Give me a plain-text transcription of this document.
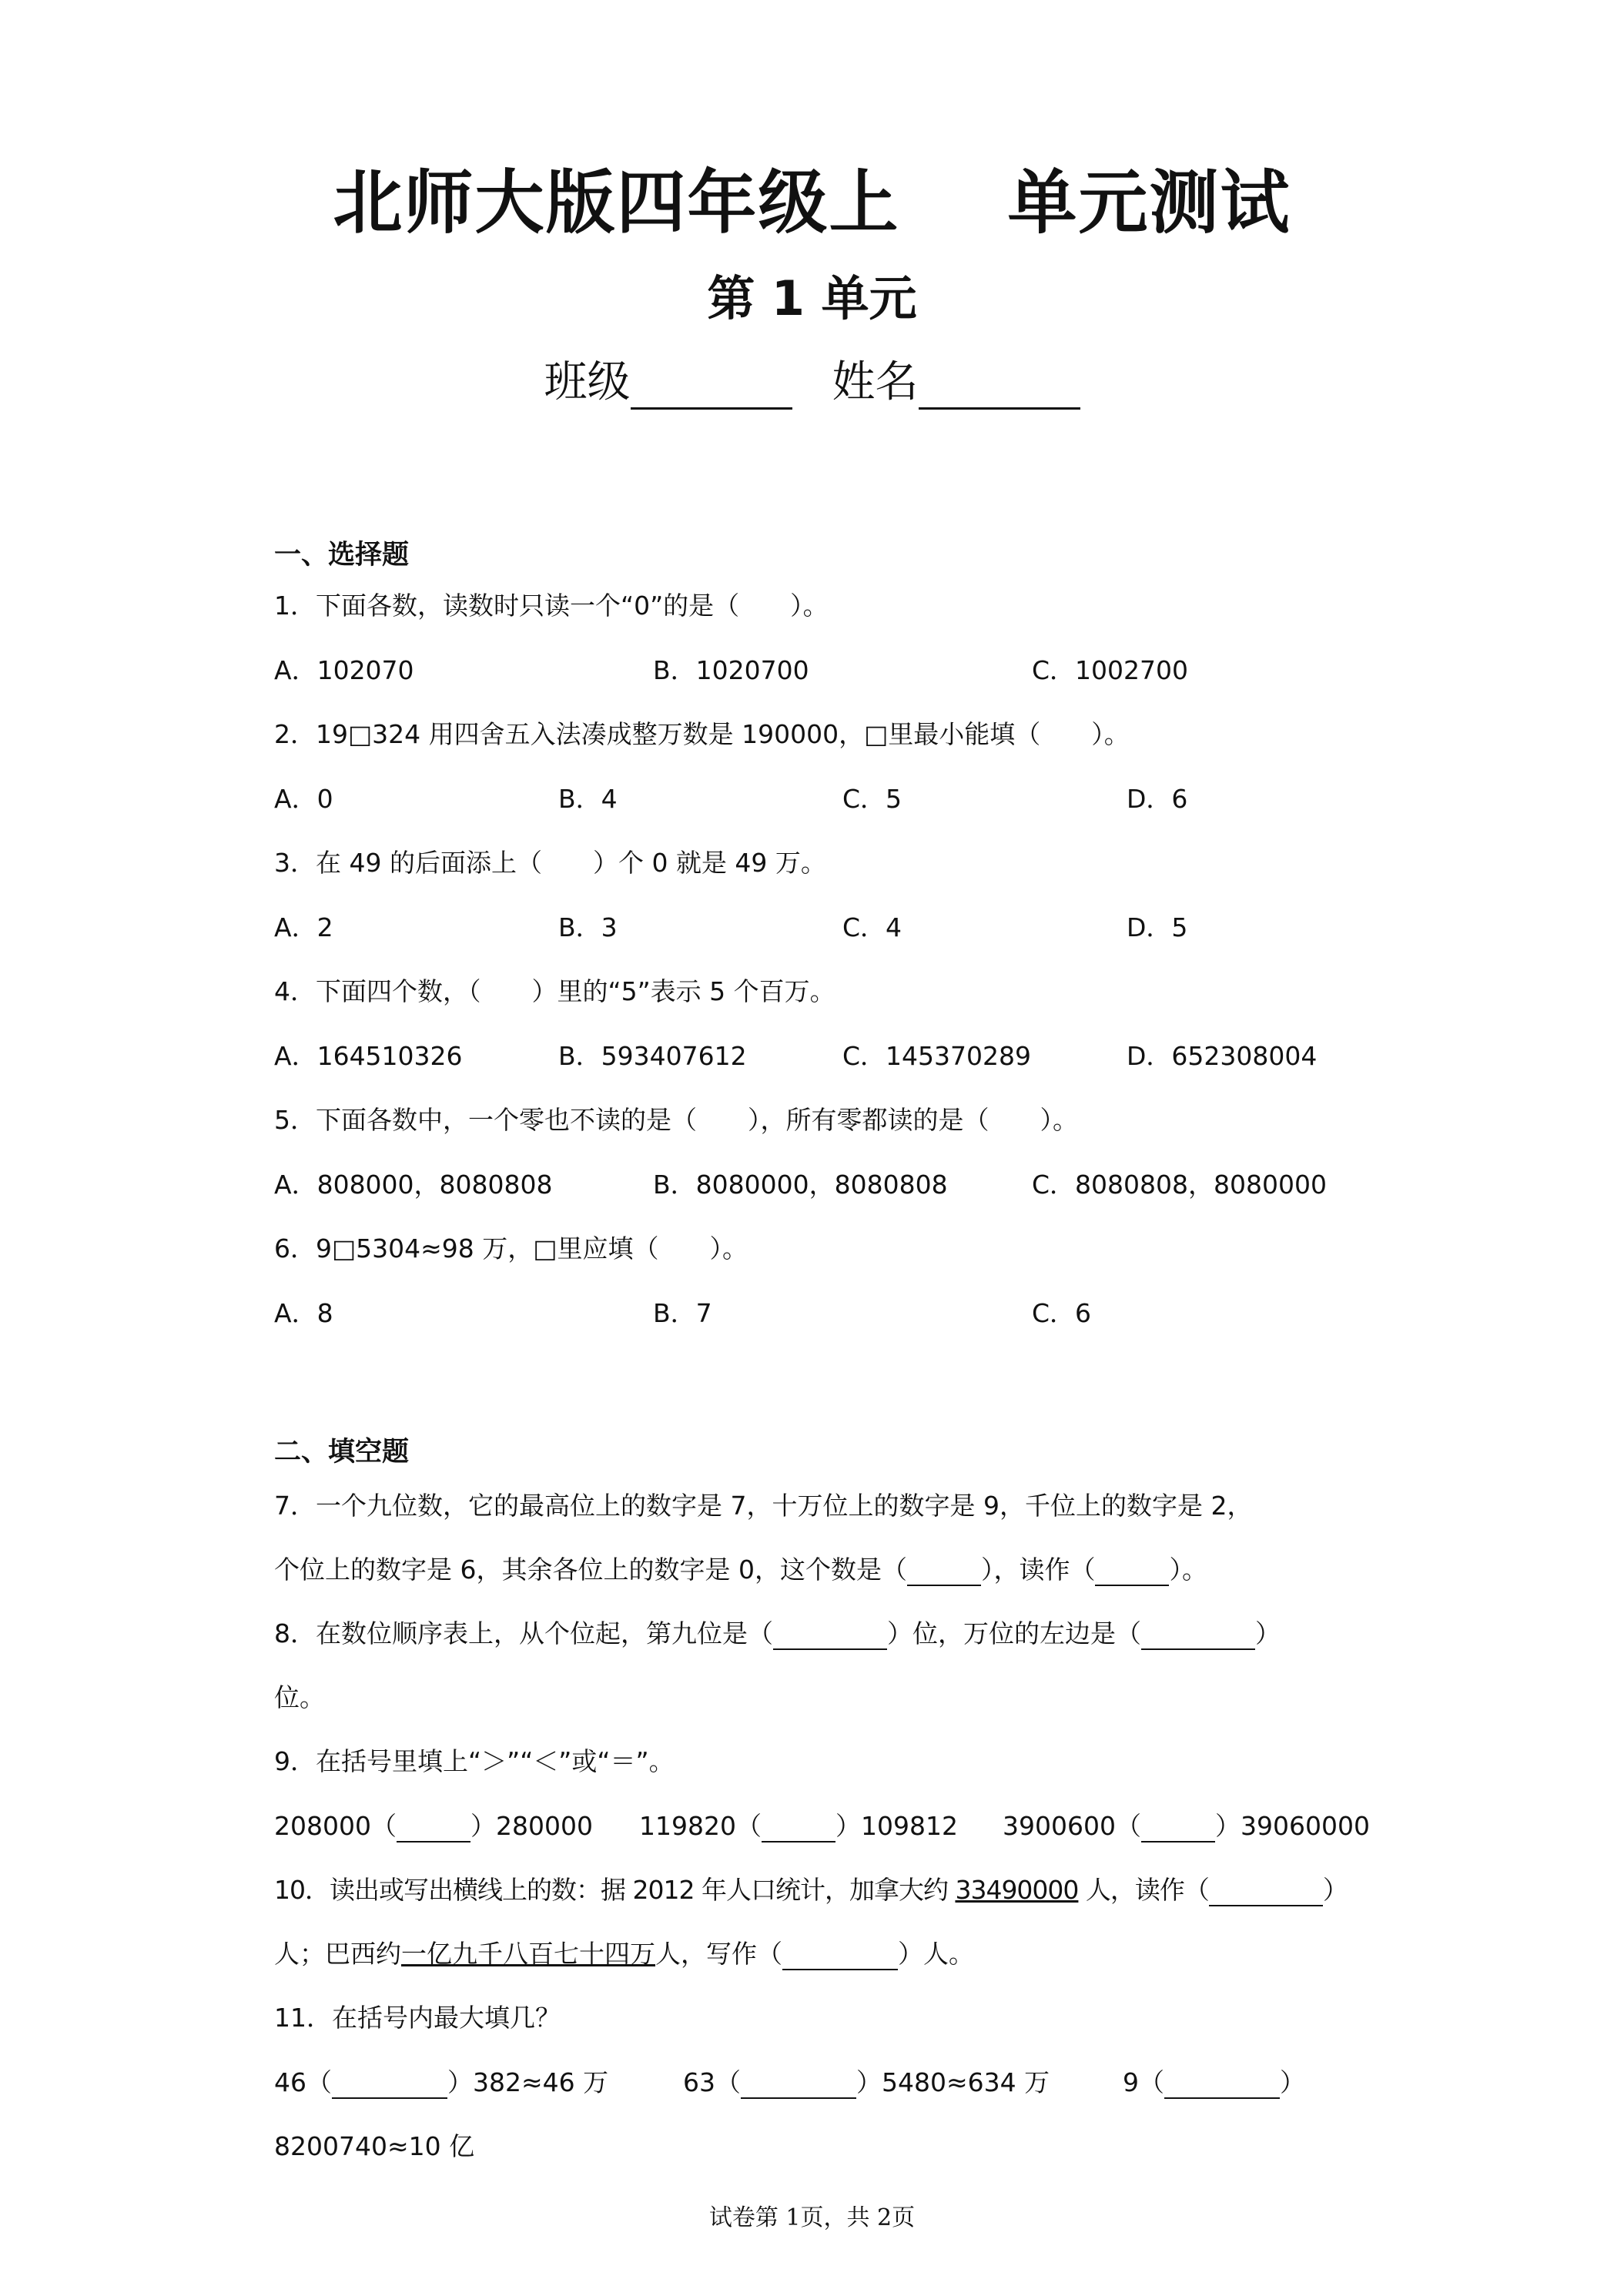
北师大版四年级上 单元测试
第 1 单元
班级	姓名
一、选择题
1．下面各数，读数时只读一个“0”的是（　　）。
A．102070	B．1020700	C．1002700
2．19□324 用四舍五入法凑成整万数是 190000，□里最小能填（　　）。
A．0	B．4	C．5	D．6
3．在 49 的后面添上（　　）个 0 就是 49 万。
A．2	B．3	C．4	D．5
4．下面四个数，（　　）里的“5”表示 5 个百万。
A．164510326	B．593407612	C．145370289	D．652308004
5．下面各数中，一个零也不读的是（　　），所有零都读的是（　　）。
A．808000，8080808	B．8080000，8080808	C．8080808，8080000
6．9□5304≈98 万，□里应填（　　）。
A．8	B．7	C．6
二、填空题
7．一个九位数，它的最高位上的数字是 7，十万位上的数字是 9，千位上的数字是 2，
个位上的数字是 6，其余各位上的数字是 0，这个数是（	），读作（	）。
8．在数位顺序表上，从个位起，第九位是（	）位，万位的左边是（	）
位。
9．在括号里填上“＞”“＜”或“＝”。
208000（	）280000 119820（	）109812 3900600（	）39060000
10．读出或写出横线上的数：据 2012 年人口统计，加拿大约 33490000 人，读作（	）
人；巴西约一亿九千八百七十四万人，写作（	）人。
11．在括号内最大填几？
46（	）382≈46 万	63（	）5480≈634 万	9（	）
8200740≈10 亿
试卷第 1页，共 2页
